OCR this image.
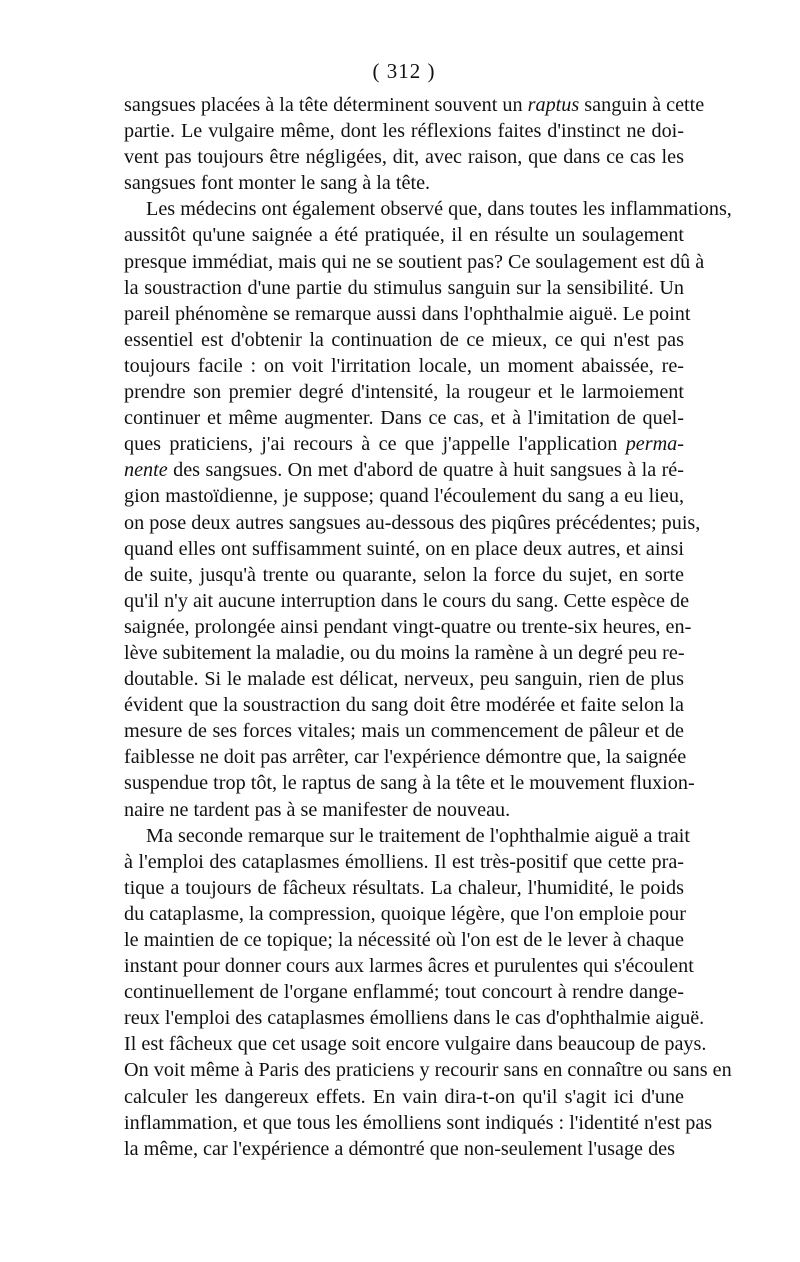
( 312 )

sangsues placées à la tête déterminent souvent un raptus sanguin à cette
partie. Le vulgaire même, dont les réflexions faites d'instinct ne doi-
vent pas toujours être négligées, dit, avec raison, que dans ce cas les
sangsues font monter le sang à la tête.

Les médecins ont également observé que, dans toutes les inflammations,
aussitôt qu'une saignée a été pratiquée, il en résulte un soulagement
presque immédiat, mais qui ne se soutient pas? Ce soulagement est dû à
la soustraction d'une partie du stimulus sanguin sur la sensibilité. Un
pareil phénomène se remarque aussi dans l'ophthalmie aiguë. Le point
essentiel est d'obtenir la continuation de ce mieux, ce qui n'est pas
toujours facile : on voit l'irritation locale, un moment abaissée, re-
prendre son premier degré d'intensité, la rougeur et le larmoiement
continuer et même augmenter. Dans ce cas, et à l'imitation de quel-
ques praticiens, j'ai recours à ce que j'appelle l'application perma-
nente des sangsues. On met d'abord de quatre à huit sangsues à la ré-
gion mastoïdienne, je suppose; quand l'écoulement du sang a eu lieu,
on pose deux autres sangsues au-dessous des piqûres précédentes; puis,
quand elles ont suffisamment suinté, on en place deux autres, et ainsi
de suite, jusqu'à trente ou quarante, selon la force du sujet, en sorte
qu'il n'y ait aucune interruption dans le cours du sang. Cette espèce de
saignée, prolongée ainsi pendant vingt-quatre ou trente-six heures, en-
lève subitement la maladie, ou du moins la ramène à un degré peu re-
doutable. Si le malade est délicat, nerveux, peu sanguin, rien de plus
évident que la soustraction du sang doit être modérée et faite selon la
mesure de ses forces vitales; mais un commencement de pâleur et de
faiblesse ne doit pas arrêter, car l'expérience démontre que, la saignée
suspendue trop tôt, le raptus de sang à la tête et le mouvement fluxion-
naire ne tardent pas à se manifester de nouveau.

Ma seconde remarque sur le traitement de l'ophthalmie aiguë a trait
à l'emploi des cataplasmes émolliens. Il est très-positif que cette pra-
tique a toujours de fâcheux résultats. La chaleur, l'humidité, le poids
du cataplasme, la compression, quoique légère, que l'on emploie pour
le maintien de ce topique; la nécessité où l'on est de le lever à chaque
instant pour donner cours aux larmes âcres et purulentes qui s'écoulent
continuellement de l'organe enflammé; tout concourt à rendre dange-
reux l'emploi des cataplasmes émolliens dans le cas d'ophthalmie aiguë.
Il est fâcheux que cet usage soit encore vulgaire dans beaucoup de pays.
On voit même à Paris des praticiens y recourir sans en connaître ou sans en
calculer les dangereux effets. En vain dira-t-on qu'il s'agit ici d'une
inflammation, et que tous les émolliens sont indiqués : l'identité n'est pas
la même, car l'expérience a démontré que non-seulement l'usage des
